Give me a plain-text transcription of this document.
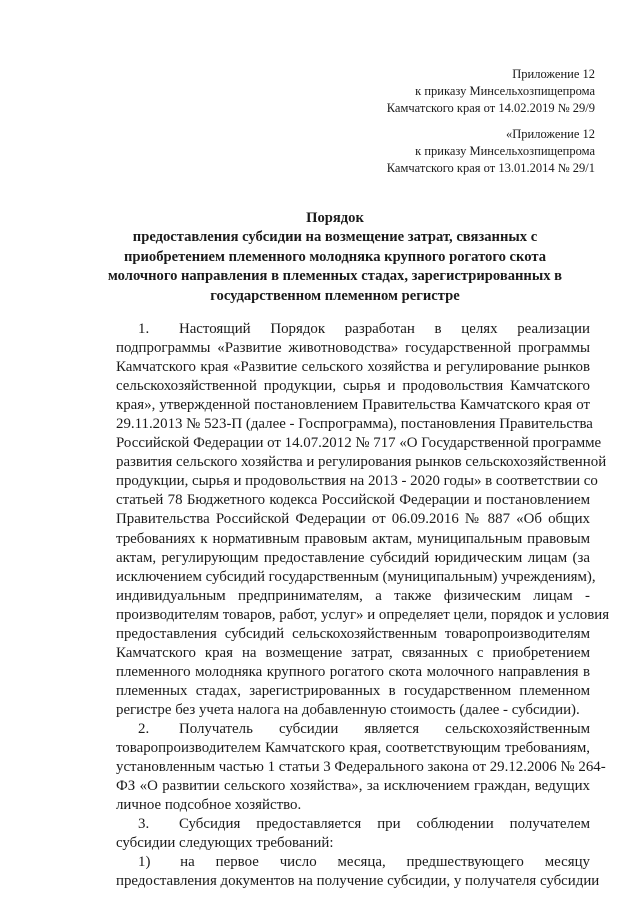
Приложение 12
к приказу Минсельхозпищепрома
Камчатского края от 14.02.2019 № 29/9
«Приложение 12
к приказу Минсельхозпищепрома
Камчатского края от 13.01.2014 № 29/1
Порядок
предоставления субсидии на возмещение затрат, связанных с
приобретением племенного молодняка крупного рогатого скота
молочного направления в племенных стадах, зарегистрированных в
государственном племенном регистре
1.  Настоящий Порядок разработан в целях реализации
подпрограммы «Развитие животноводства» государственной программы
Камчатского края «Развитие сельского хозяйства и регулирование рынков
сельскохозяйственной продукции, сырья и продовольствия Камчатского
края», утвержденной постановлением Правительства Камчатского края от
29.11.2013 № 523-П (далее - Госпрограмма), постановления Правительства
Российской Федерации от 14.07.2012 № 717 «О Государственной программе
развития сельского хозяйства и регулирования рынков сельскохозяйственной
продукции, сырья и продовольствия на 2013 - 2020 годы» в соответствии со
статьей 78 Бюджетного кодекса Российской Федерации и постановлением
Правительства Российской Федерации от 06.09.2016 № 887 «Об общих
требованиях к нормативным правовым актам, муниципальным правовым
актам, регулирующим предоставление субсидий юридическим лицам (за
исключением субсидий государственным (муниципальным) учреждениям),
индивидуальным предпринимателям, а также физическим лицам -
производителям товаров, работ, услуг» и определяет цели, порядок и условия
предоставления субсидий сельскохозяйственным товаропроизводителям
Камчатского края на возмещение затрат, связанных с приобретением
племенного молодняка крупного рогатого скота молочного направления в
племенных стадах, зарегистрированных в государственном племенном
регистре без учета налога на добавленную стоимость (далее - субсидии).
2.  Получатель субсидии является сельскохозяйственным
товаропроизводителем Камчатского края, соответствующим требованиям,
установленным частью 1 статьи 3 Федерального закона от 29.12.2006 № 264-
ФЗ «О развитии сельского хозяйства», за исключением граждан, ведущих
личное подсобное хозяйство.
3.  Субсидия предоставляется при соблюдении получателем
субсидии следующих требований:
1)  на первое число месяца, предшествующего месяцу
предоставления документов на получение субсидии, у получателя субсидии
